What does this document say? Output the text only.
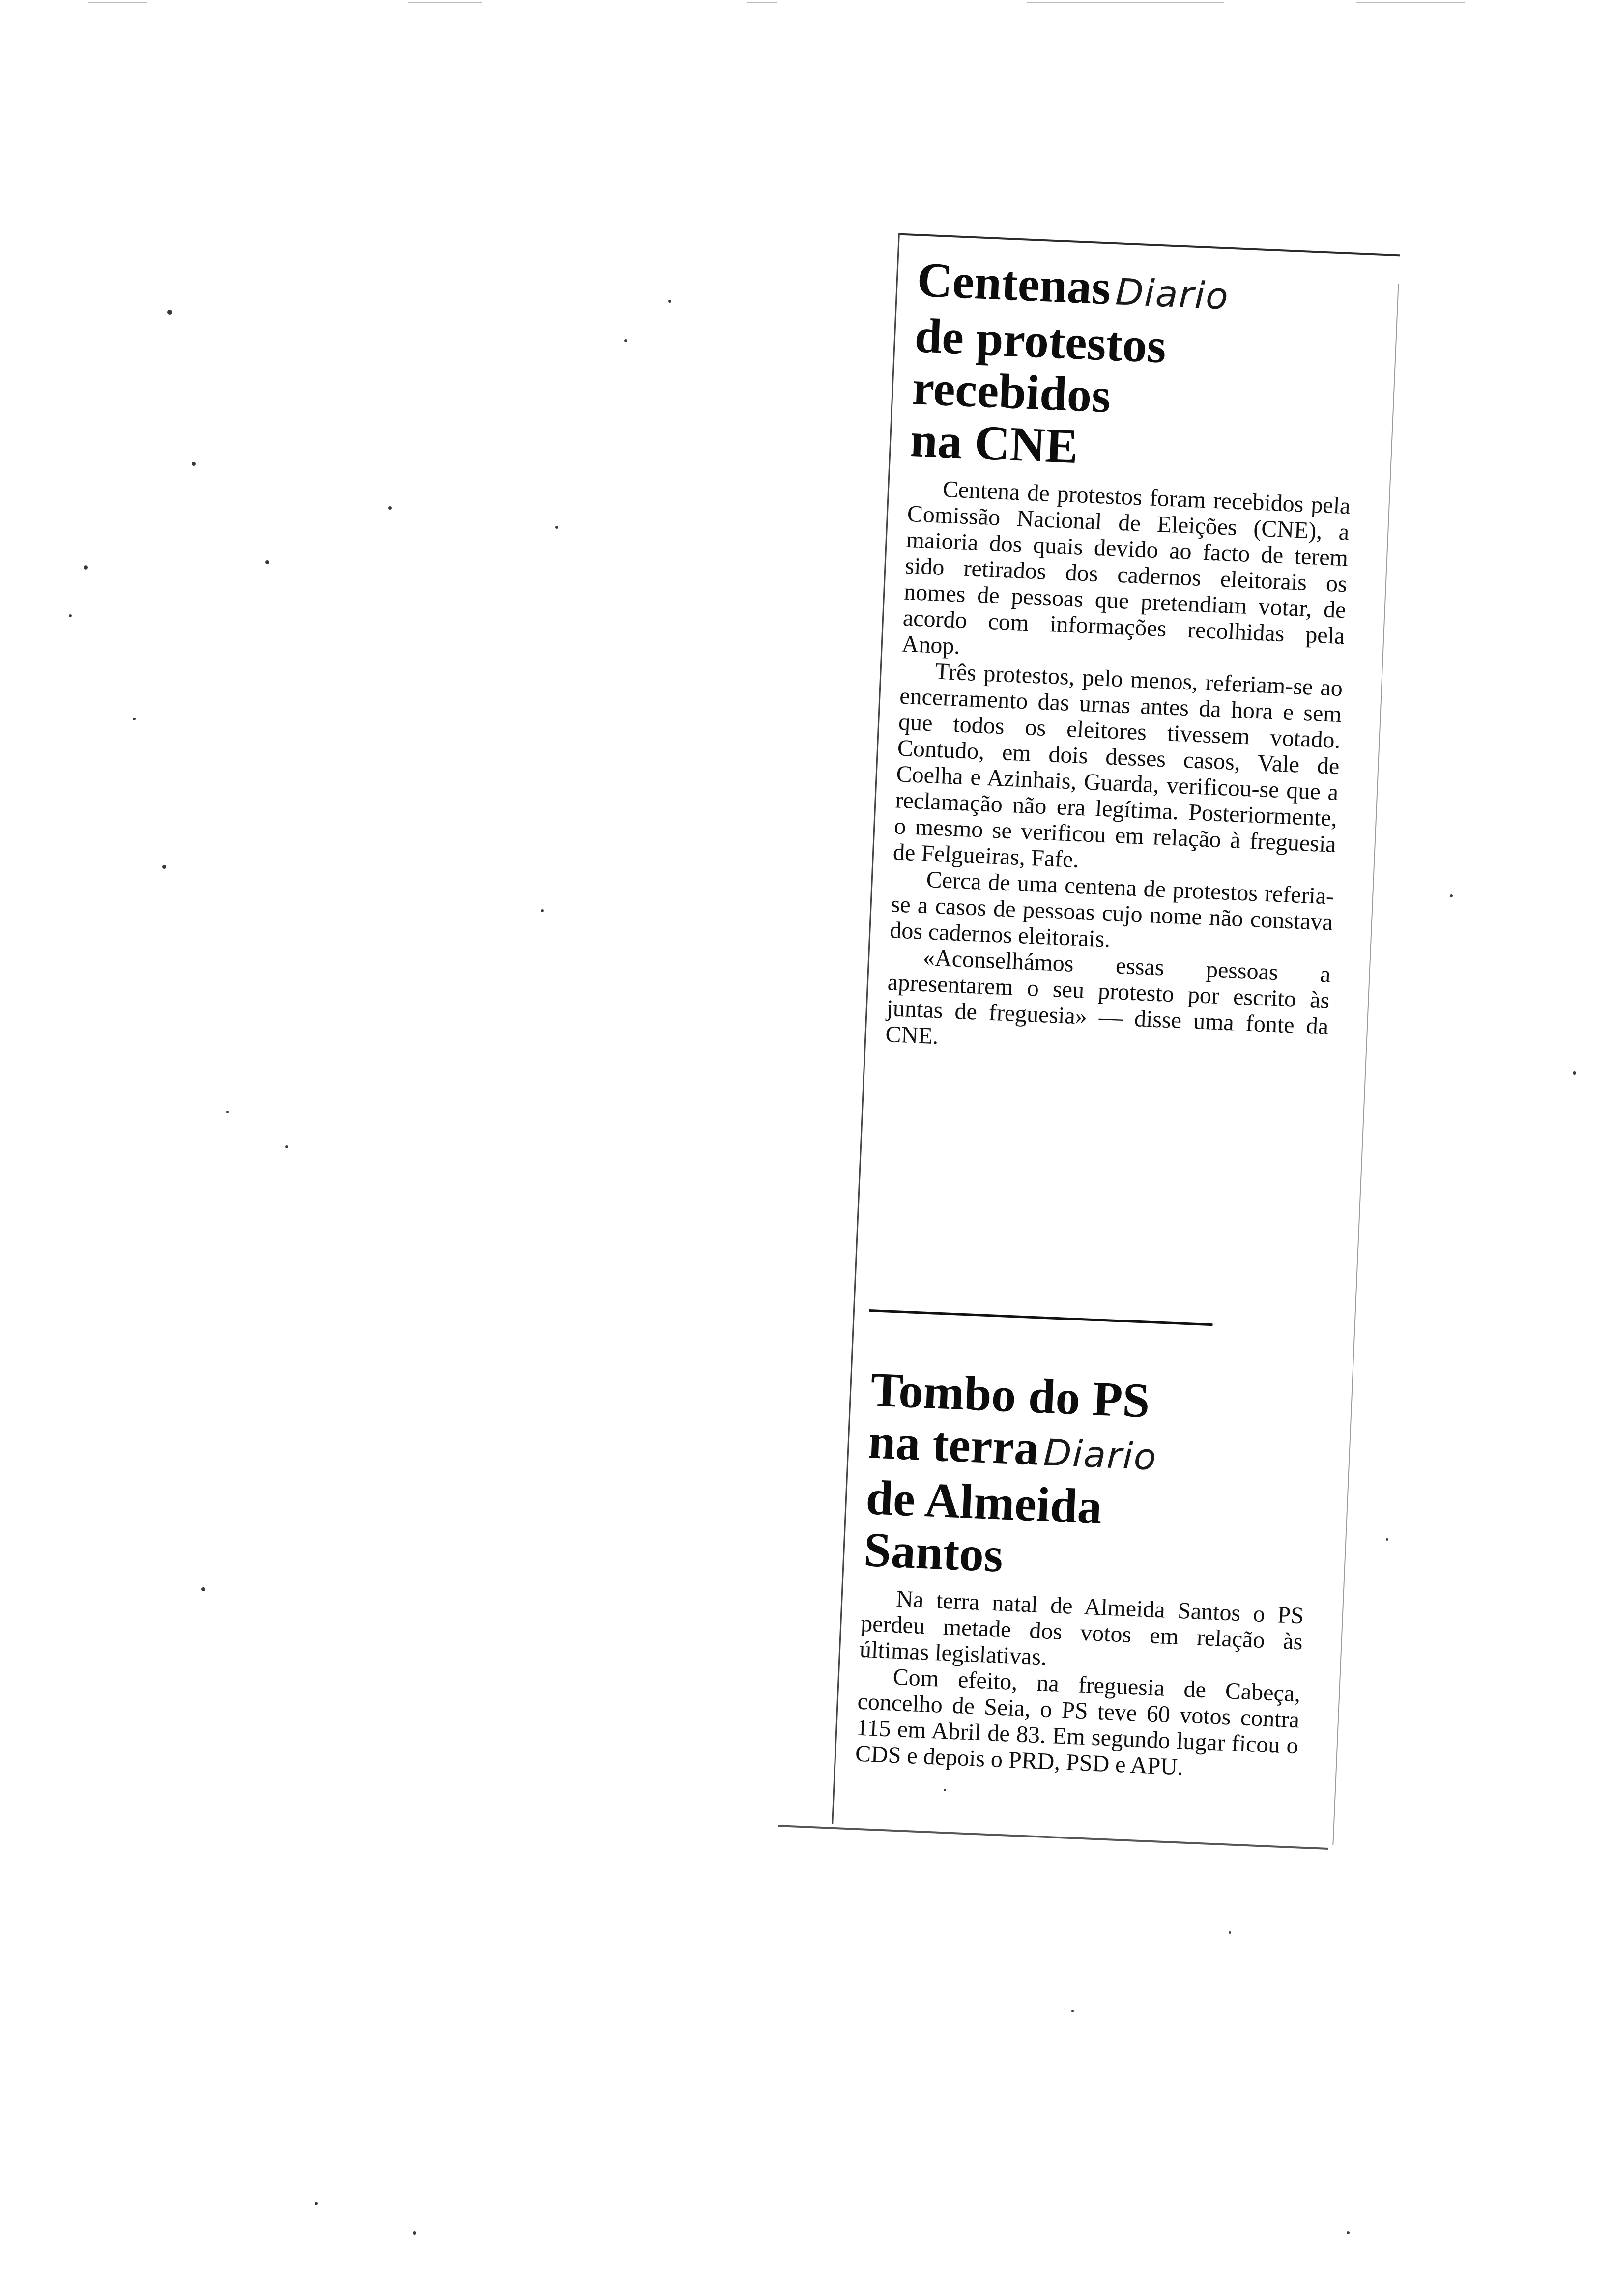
CentenasDiario
de protestos
recebidos
na CNE

Centena de protestos foram recebidos pela Comissão Nacional de Eleições (CNE), a maioria dos quais devido ao facto de terem sido retirados dos cadernos eleitorais os nomes de pessoas que pretendiam votar, de acordo com informações recolhidas pela Anop.

Três protestos, pelo menos, referiam-se ao encerramento das urnas antes da hora e sem que todos os eleitores tivessem votado. Contudo, em dois desses casos, Vale de Coelha e Azinhais, Guarda, verificou-se que a reclamação não era legítima. Posteriormente, o mesmo se verificou em relação à freguesia de Felgueiras, Fafe.

Cerca de uma centena de protestos referia-se a casos de pessoas cujo nome não constava dos cadernos eleitorais.

«Aconselhámos essas pessoas a apresentarem o seu protesto por escrito às juntas de freguesia» — disse uma fonte da CNE.

Tombo do PS
na terraDiario
de Almeida
Santos

Na terra natal de Almeida Santos o PS perdeu metade dos votos em relação às últimas legislativas.

Com efeito, na freguesia de Cabeça, concelho de Seia, o PS teve 60 votos contra 115 em Abril de 83. Em segundo lugar ficou o CDS e depois o PRD, PSD e APU.
